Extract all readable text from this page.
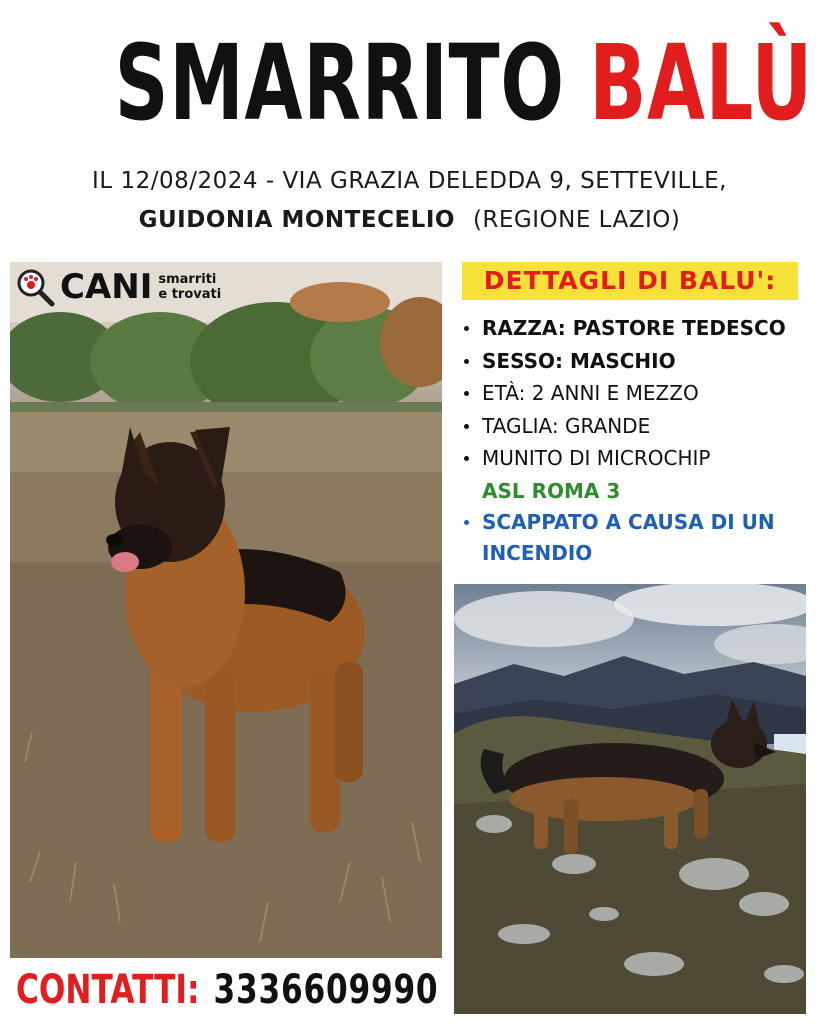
SMARRITO BALÙ
IL 12/08/2024 - VIA GRAZIA DELEDDA 9, SETTEVILLE,
GUIDONIA MONTECELIO (REGIONE LAZIO)
CANI smarriti
e trovati	DETTAGLI DI BALU':
RAZZA: PASTORE TEDESCO
SESSO: MASCHIO
ETÀ: 2 ANNI E MEZZO
TAGLIA: GRANDE
MUNITO DI MICROCHIP
ASL ROMA 3
SCAPPATO A CAUSA DI UN
INCENDIO
CONTATTI: 3336609990
